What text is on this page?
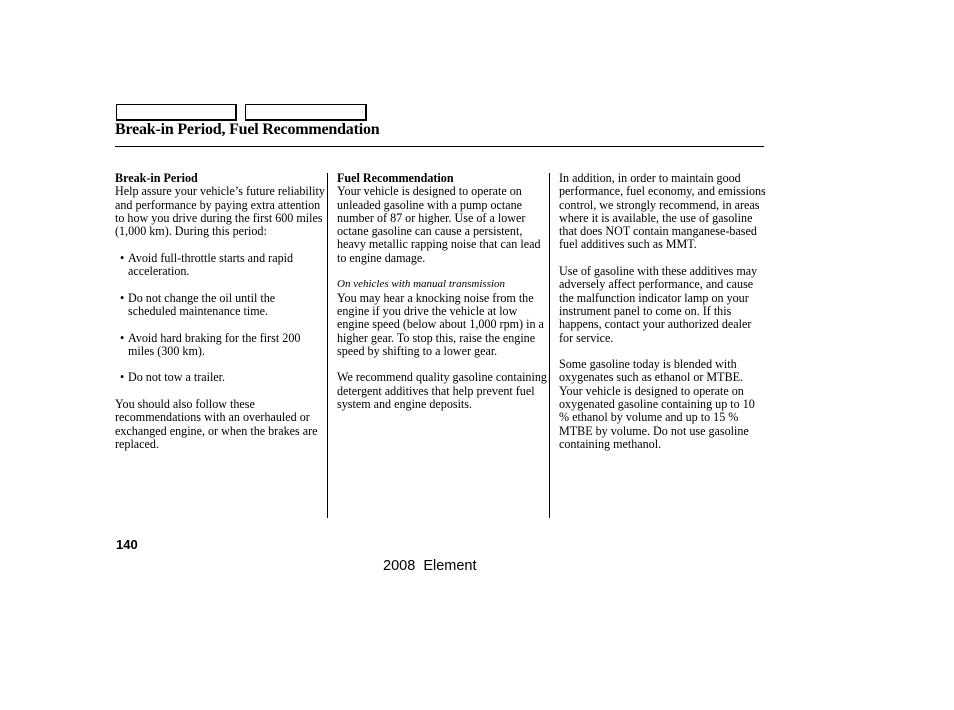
Break-in Period, Fuel Recommendation
Break-in Period

Help assure your vehicle’s future reliability and performance by paying extra attention to how you drive during the first 600 miles (1,000 km). During this period:

• Avoid full-throttle starts and rapid acceleration.
• Do not change the oil until the scheduled maintenance time.
• Avoid hard braking for the first 200 miles (300 km).
• Do not tow a trailer.

You should also follow these recommendations with an overhauled or exchanged engine, or when the brakes are replaced.

Fuel Recommendation

Your vehicle is designed to operate on unleaded gasoline with a pump octane number of 87 or higher. Use of a lower octane gasoline can cause a persistent, heavy metallic rapping noise that can lead to engine damage.

On vehicles with manual transmission

You may hear a knocking noise from the engine if you drive the vehicle at low engine speed (below about 1,000 rpm) in a higher gear. To stop this, raise the engine speed by shifting to a lower gear.

We recommend quality gasoline containing detergent additives that help prevent fuel system and engine deposits.

In addition, in order to maintain good performance, fuel economy, and emissions control, we strongly recommend, in areas where it is available, the use of gasoline that does NOT contain manganese-based fuel additives such as MMT.

Use of gasoline with these additives may adversely affect performance, and cause the malfunction indicator lamp on your instrument panel to come on. If this happens, contact your authorized dealer for service.

Some gasoline today is blended with oxygenates such as ethanol or MTBE. Your vehicle is designed to operate on oxygenated gasoline containing up to 10 % ethanol by volume and up to 15 % MTBE by volume. Do not use gasoline containing methanol.

140
2008  Element
